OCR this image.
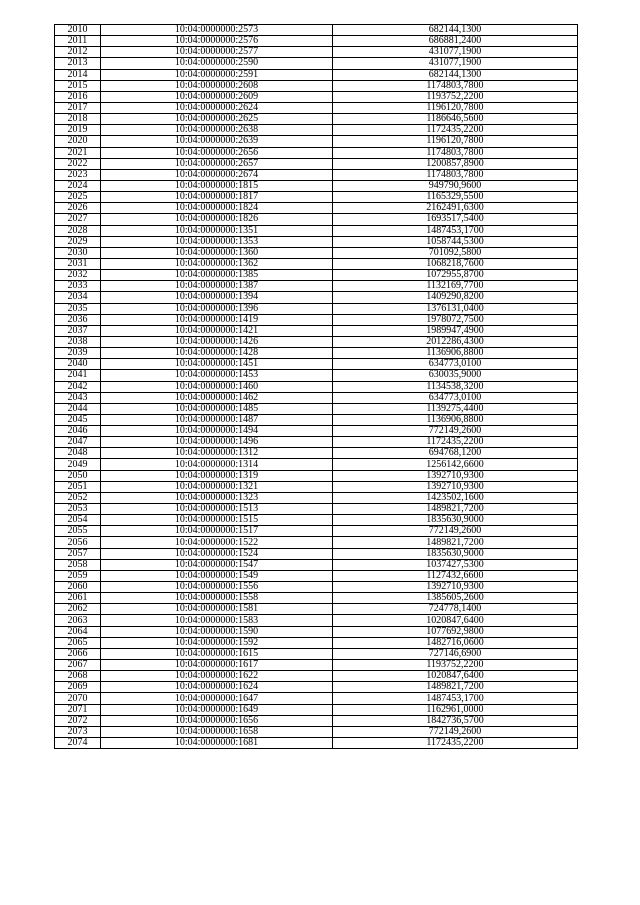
2010	10:04:0000000:2573	682144,1300
2011	10:04:0000000:2576	686881,2400
2012	10:04:0000000:2577	431077,1900
2013	10:04:0000000:2590	431077,1900
2014	10:04:0000000:2591	682144,1300
2015	10:04:0000000:2608	1174803,7800
2016	10:04:0000000:2609	1193752,2200
2017	10:04:0000000:2624	1196120,7800
2018	10:04:0000000:2625	1186646,5600
2019	10:04:0000000:2638	1172435,2200
2020	10:04:0000000:2639	1196120,7800
2021	10:04:0000000:2656	1174803,7800
2022	10:04:0000000:2657	1200857,8900
2023	10:04:0000000:2674	1174803,7800
2024	10:04:0000000:1815	949790,9600
2025	10:04:0000000:1817	1165329,5500
2026	10:04:0000000:1824	2162491,6300
2027	10:04:0000000:1826	1693517,5400
2028	10:04:0000000:1351	1487453,1700
2029	10:04:0000000:1353	1058744,5300
2030	10:04:0000000:1360	701092,5800
2031	10:04:0000000:1362	1068218,7600
2032	10:04:0000000:1385	1072955,8700
2033	10:04:0000000:1387	1132169,7700
2034	10:04:0000000:1394	1409290,8200
2035	10:04:0000000:1396	1376131,0400
2036	10:04:0000000:1419	1978072,7500
2037	10:04:0000000:1421	1989947,4900
2038	10:04:0000000:1426	2012286,4300
2039	10:04:0000000:1428	1136906,8800
2040	10:04:0000000:1451	634773,0100
2041	10:04:0000000:1453	630035,9000
2042	10:04:0000000:1460	1134538,3200
2043	10:04:0000000:1462	634773,0100
2044	10:04:0000000:1485	1139275,4400
2045	10:04:0000000:1487	1136906,8800
2046	10:04:0000000:1494	772149,2600
2047	10:04:0000000:1496	1172435,2200
2048	10:04:0000000:1312	694768,1200
2049	10:04:0000000:1314	1256142,6600
2050	10:04:0000000:1319	1392710,9300
2051	10:04:0000000:1321	1392710,9300
2052	10:04:0000000:1323	1423502,1600
2053	10:04:0000000:1513	1489821,7200
2054	10:04:0000000:1515	1835630,9000
2055	10:04:0000000:1517	772149,2600
2056	10:04:0000000:1522	1489821,7200
2057	10:04:0000000:1524	1835630,9000
2058	10:04:0000000:1547	1037427,5300
2059	10:04:0000000:1549	1127432,6600
2060	10:04:0000000:1556	1392710,9300
2061	10:04:0000000:1558	1385605,2600
2062	10:04:0000000:1581	724778,1400
2063	10:04:0000000:1583	1020847,6400
2064	10:04:0000000:1590	1077692,9800
2065	10:04:0000000:1592	1482716,0600
2066	10:04:0000000:1615	727146,6900
2067	10:04:0000000:1617	1193752,2200
2068	10:04:0000000:1622	1020847,6400
2069	10:04:0000000:1624	1489821,7200
2070	10:04:0000000:1647	1487453,1700
2071	10:04:0000000:1649	1162961,0000
2072	10:04:0000000:1656	1842736,5700
2073	10:04:0000000:1658	772149,2600
2074	10:04:0000000:1681	1172435,2200
